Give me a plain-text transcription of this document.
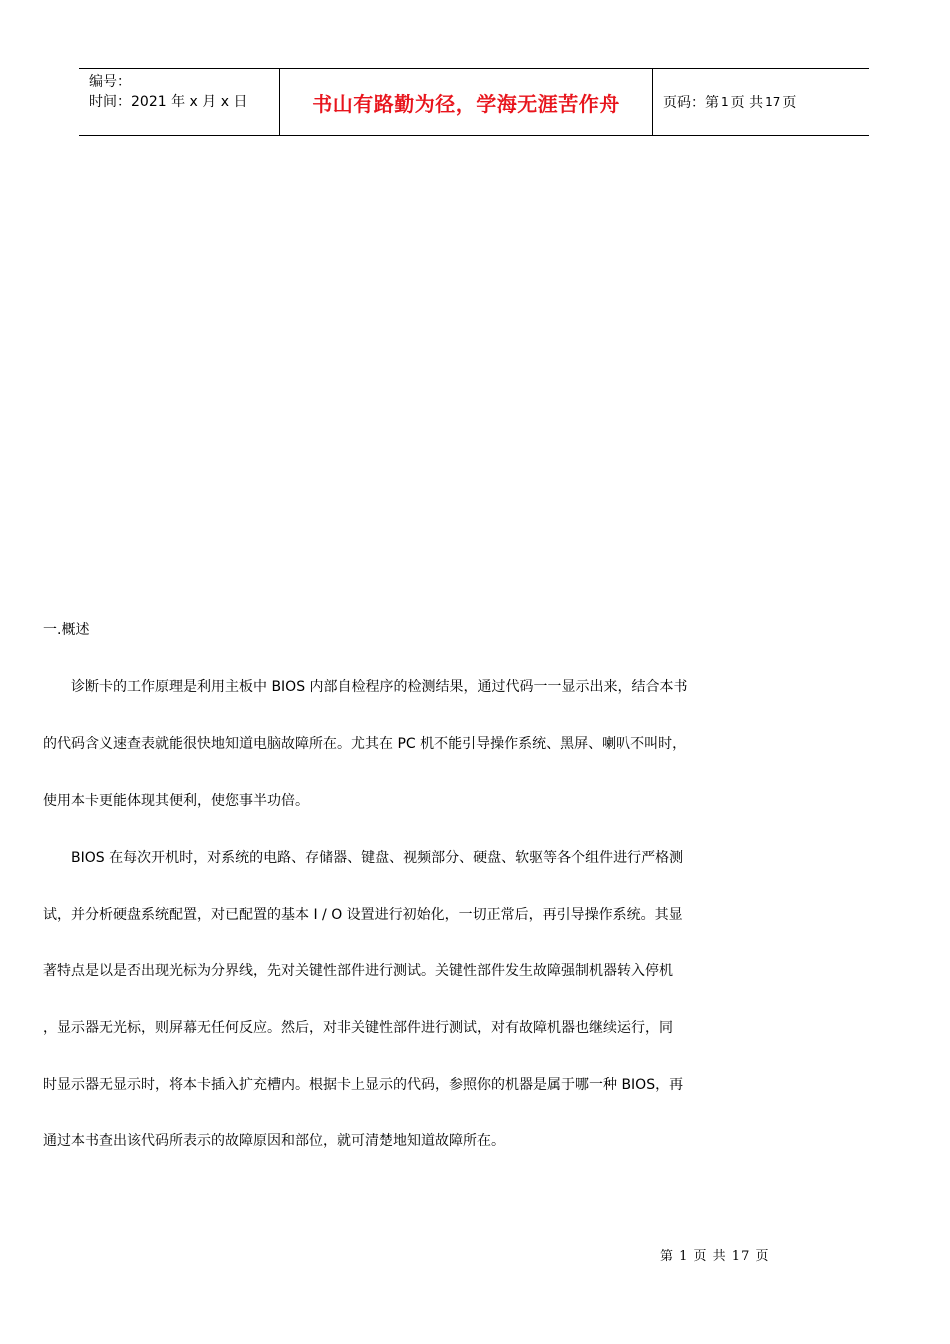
编号：
时间：2021 年 x 月 x 日	书山有路勤为径，学海无涯苦作舟	页码：第 1 页 共 17 页
一.概述
　　诊断卡的工作原理是利用主板中 BIOS 内部自检程序的检测结果，通过代码一一显示出来，结合本书
的代码含义速查表就能很快地知道电脑故障所在。尤其在 PC 机不能引导操作系统、黑屏、喇叭不叫时，
使用本卡更能体现其便利，使您事半功倍。
　　BIOS 在每次开机时，对系统的电路、存储器、键盘、视频部分、硬盘、软驱等各个组件进行严格测
试，并分析硬盘系统配置，对已配置的基本 I / O 设置进行初始化，一切正常后，再引导操作系统。其显
著特点是以是否出现光标为分界线，先对关键性部件进行测试。关键性部件发生故障强制机器转入停机
，显示器无光标，则屏幕无任何反应。然后，对非关键性部件进行测试，对有故障机器也继续运行，同
时显示器无显示时，将本卡插入扩充槽内。根据卡上显示的代码，参照你的机器是属于哪一种 BIOS，再
通过本书查出该代码所表示的故障原因和部位，就可清楚地知道故障所在。
第 1 页 共 17 页
